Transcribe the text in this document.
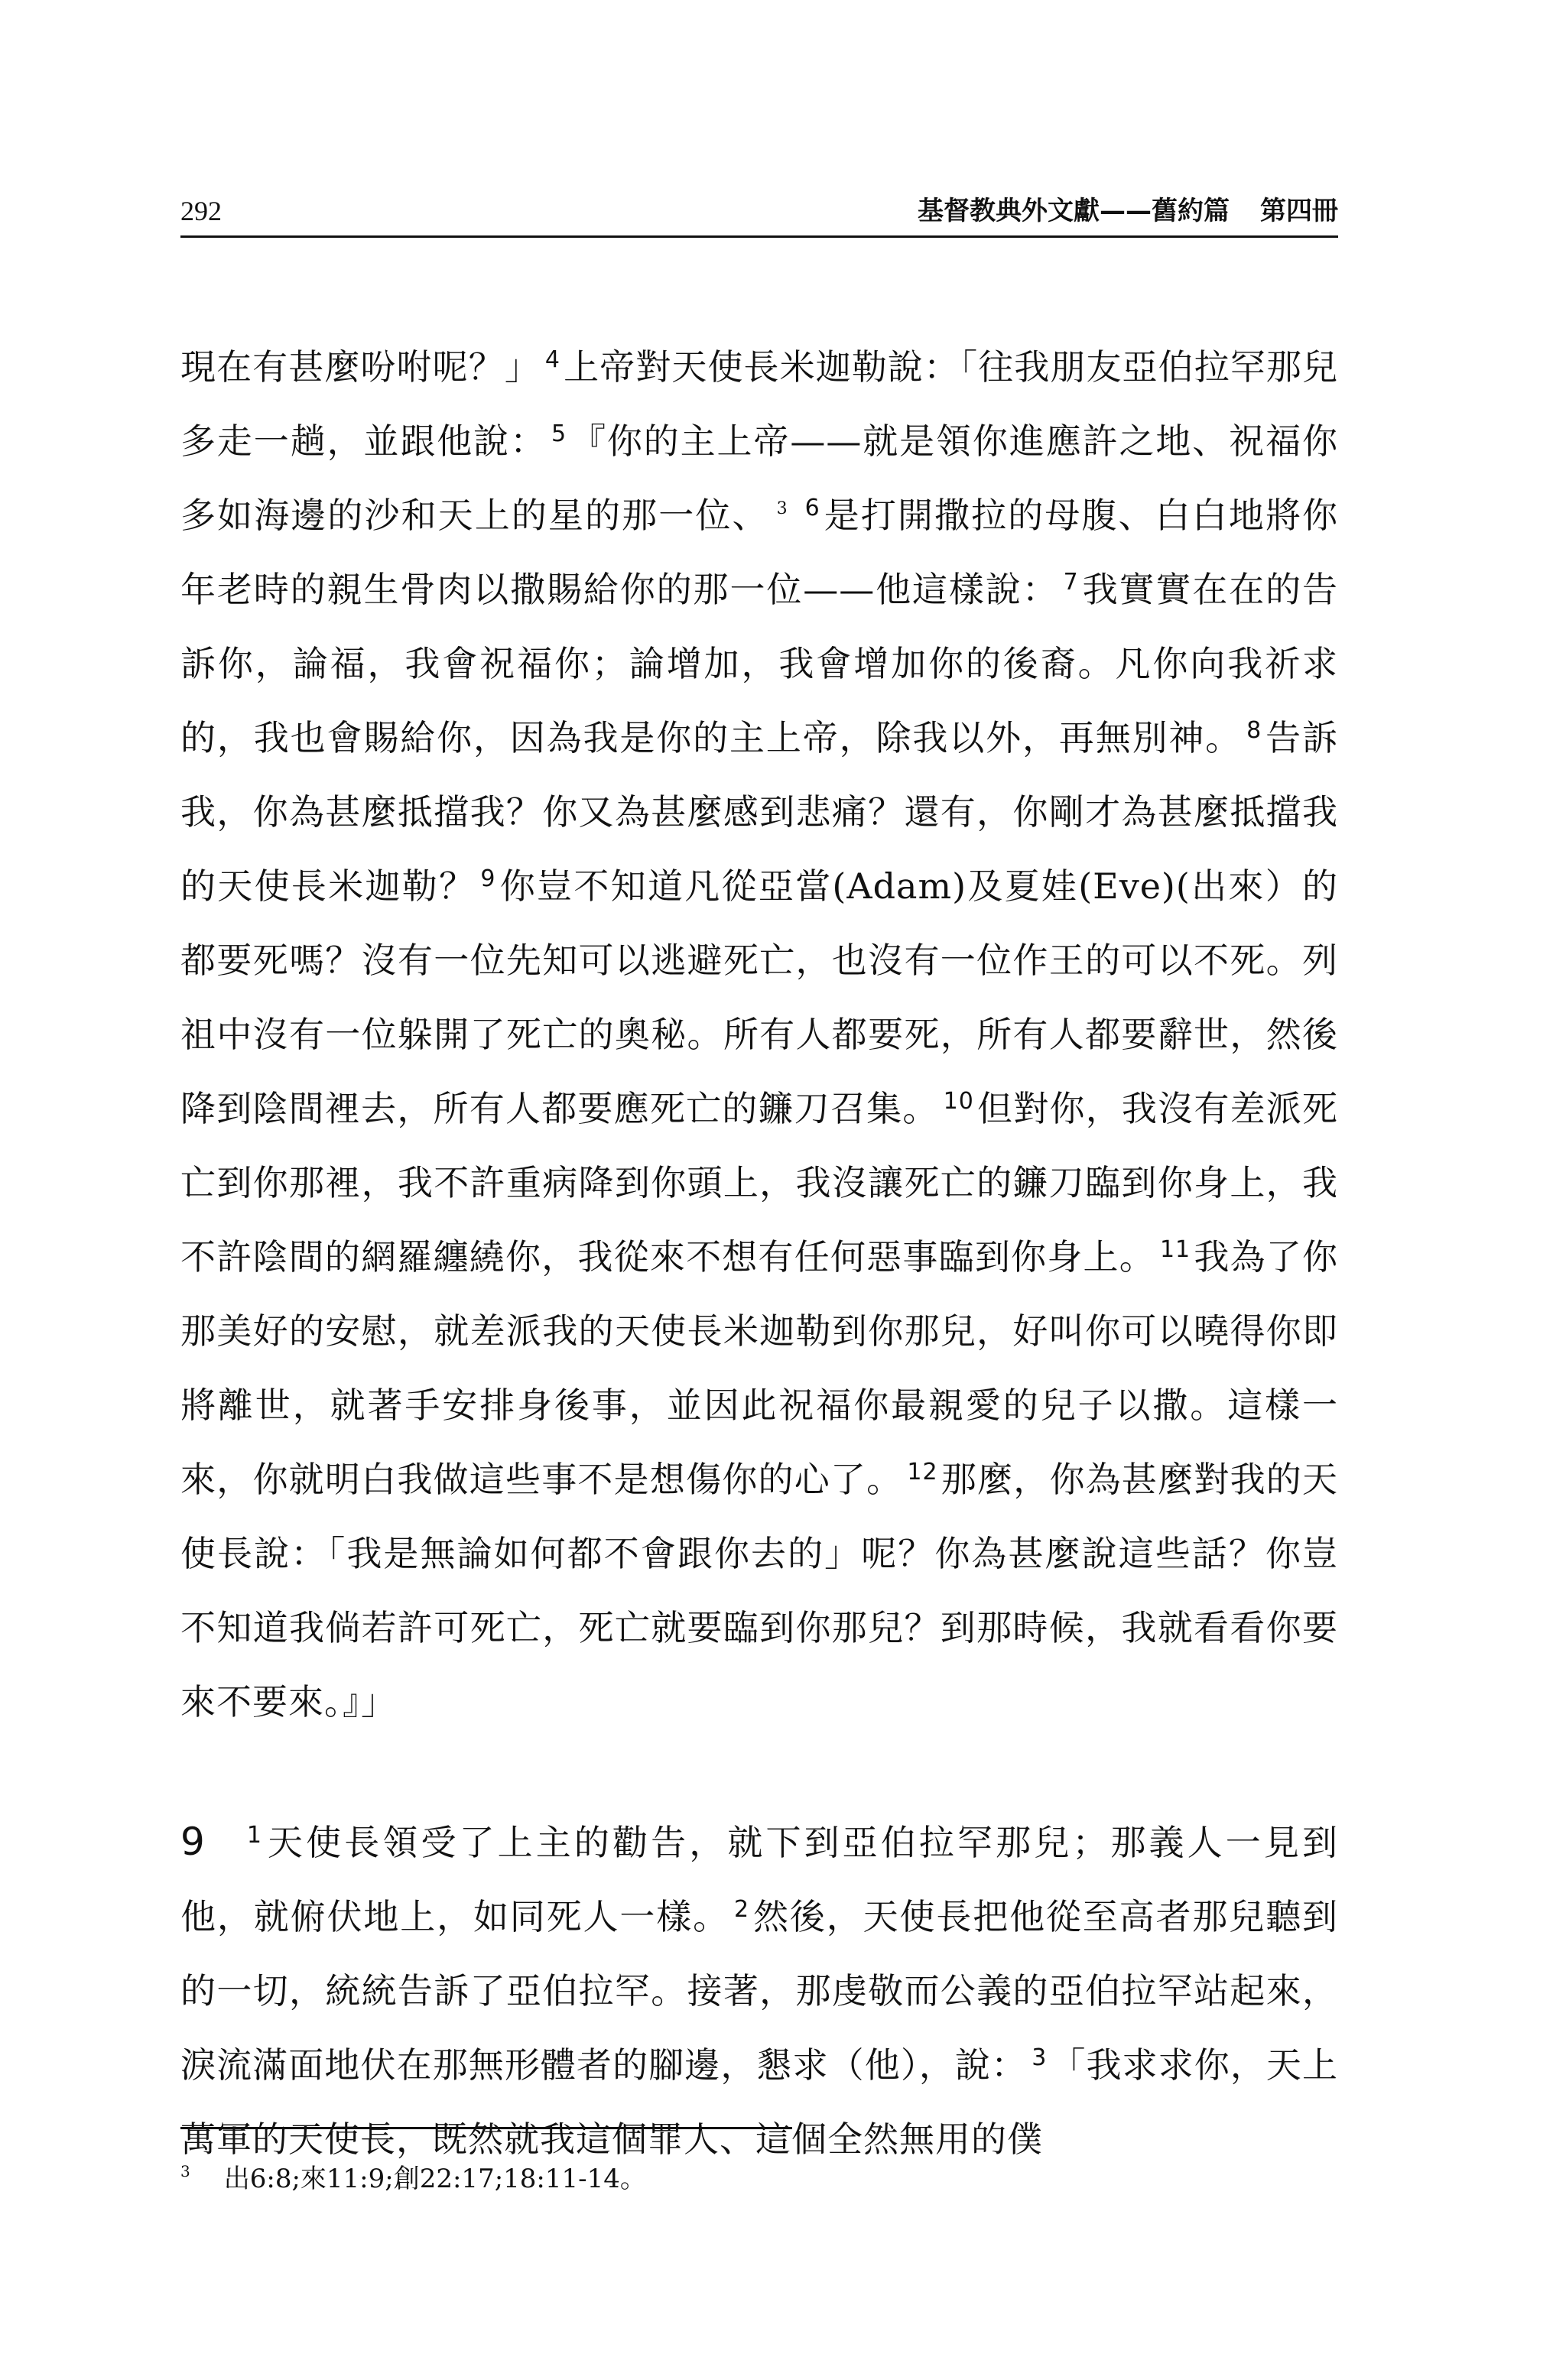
292	基督教典外文獻——舊約篇 第四冊

現在有甚麼吩咐呢？」 $^4$上帝對天使長米迦勒說：「往我朋友亞伯拉罕那兒多走一趟，並跟他說： $^5$『你的主上帝——就是領你進應許之地、祝福你多如海邊的沙和天上的星的那一位、 $^3$ $^6$是打開撒拉的母腹、白白地將你年老時的親生骨肉以撒賜給你的那一位——他這樣說： $^7$我實實在在的告訴你，論福，我會祝福你；論增加，我會增加你的後裔。凡你向我祈求的，我也會賜給你，因為我是你的主上帝，除我以外，再無別神。 $^8$告訴我，你為甚麼抵擋我？你又為甚麼感到悲痛？還有，你剛才為甚麼抵擋我的天使長米迦勒？ $^9$你豈不知道凡從亞當(Adam)及夏娃(Eve)(出來）的都要死嗎？沒有一位先知可以逃避死亡，也沒有一位作王的可以不死。列祖中沒有一位躲開了死亡的奧秘。所有人都要死，所有人都要辭世，然後降到陰間裡去，所有人都要應死亡的鐮刀召集。 $^{10}$但對你，我沒有差派死亡到你那裡，我不許重病降到你頭上，我沒讓死亡的鐮刀臨到你身上，我不許陰間的網羅纏繞你，我從來不想有任何惡事臨到你身上。 $^{11}$我為了你那美好的安慰，就差派我的天使長米迦勒到你那兒，好叫你可以曉得你即將離世，就著手安排身後事，並因此祝福你最親愛的兒子以撒。這樣一來，你就明白我做這些事不是想傷你的心了。 $^{12}$那麼，你為甚麼對我的天使長說：「我是無論如何都不會跟你去的」呢？你為甚麼說這些話？你豈不知道我倘若許可死亡，死亡就要臨到你那兒？到那時候，我就看看你要來不要來。』」

9 $^1$天使長領受了上主的勸告，就下到亞伯拉罕那兒；那義人一見到他，就俯伏地上，如同死人一樣。 $^2$然後，天使長把他從至高者那兒聽到的一切，統統告訴了亞伯拉罕。接著，那虔敬而公義的亞伯拉罕站起來，淚流滿面地伏在那無形體者的腳邊，懇求（他），說： $^3$「我求求你，天上萬軍的天使長，既然就我這個罪人、這個全然無用的僕

$^3$ 出6:8;來11:9;創22:17;18:11-14。
